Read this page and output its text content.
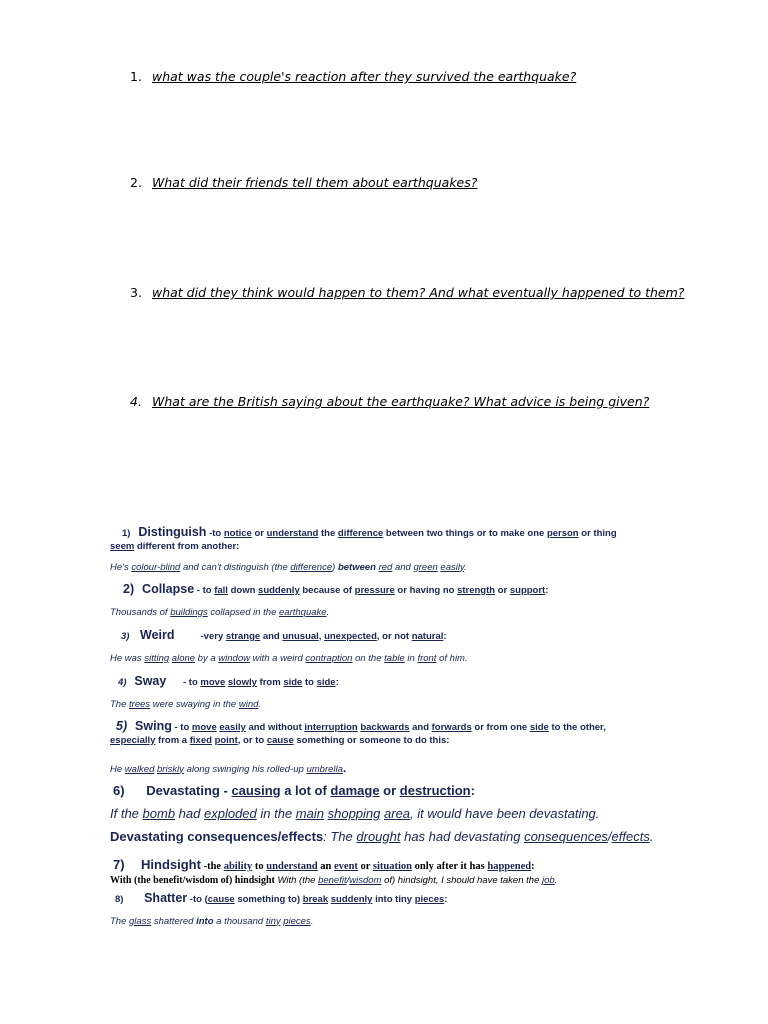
1. what was the couple's reaction after they survived the earthquake?
2. What did their friends tell them about earthquakes?
3. what did they think would happen to them? And what eventually happened to them?
4. What are the British saying about the earthquake? What advice is being given?
1) Distinguish -to notice or understand the difference between two things or to make one person or thing seem different from another:
He's colour-blind and can't distinguish (the difference) between red and green easily.
2) Collapse - to fall down suddenly because of pressure or having no strength or support:
Thousands of buildings collapsed in the earthquake.
3) Weird	-very strange and unusual, unexpected, or not natural:
He was sitting alone by a window with a weird contraption on the table in front of him.
4) Sway - to move slowly from side to side:
The trees were swaying in the wind.
5) Swing - to move easily and without interruption backwards and forwards or from one side to the other, especially from a fixed point, or to cause something or someone to do this:
He walked briskly along swinging his rolled-up umbrella.
6) Devastating - causing a lot of damage or destruction:
If the bomb had exploded in the main shopping area, it would have been devastating.
Devastating consequences/effects: The drought has had devastating consequences/effects.
7) Hindsight -the ability to understand an event or situation only after it has happened:
With (the benefit/wisdom of) hindsight With (the benefit/wisdom of) hindsight, I should have taken the job.
8) Shatter -to (cause something to) break suddenly into tiny pieces:
The glass shattered into a thousand tiny pieces.
